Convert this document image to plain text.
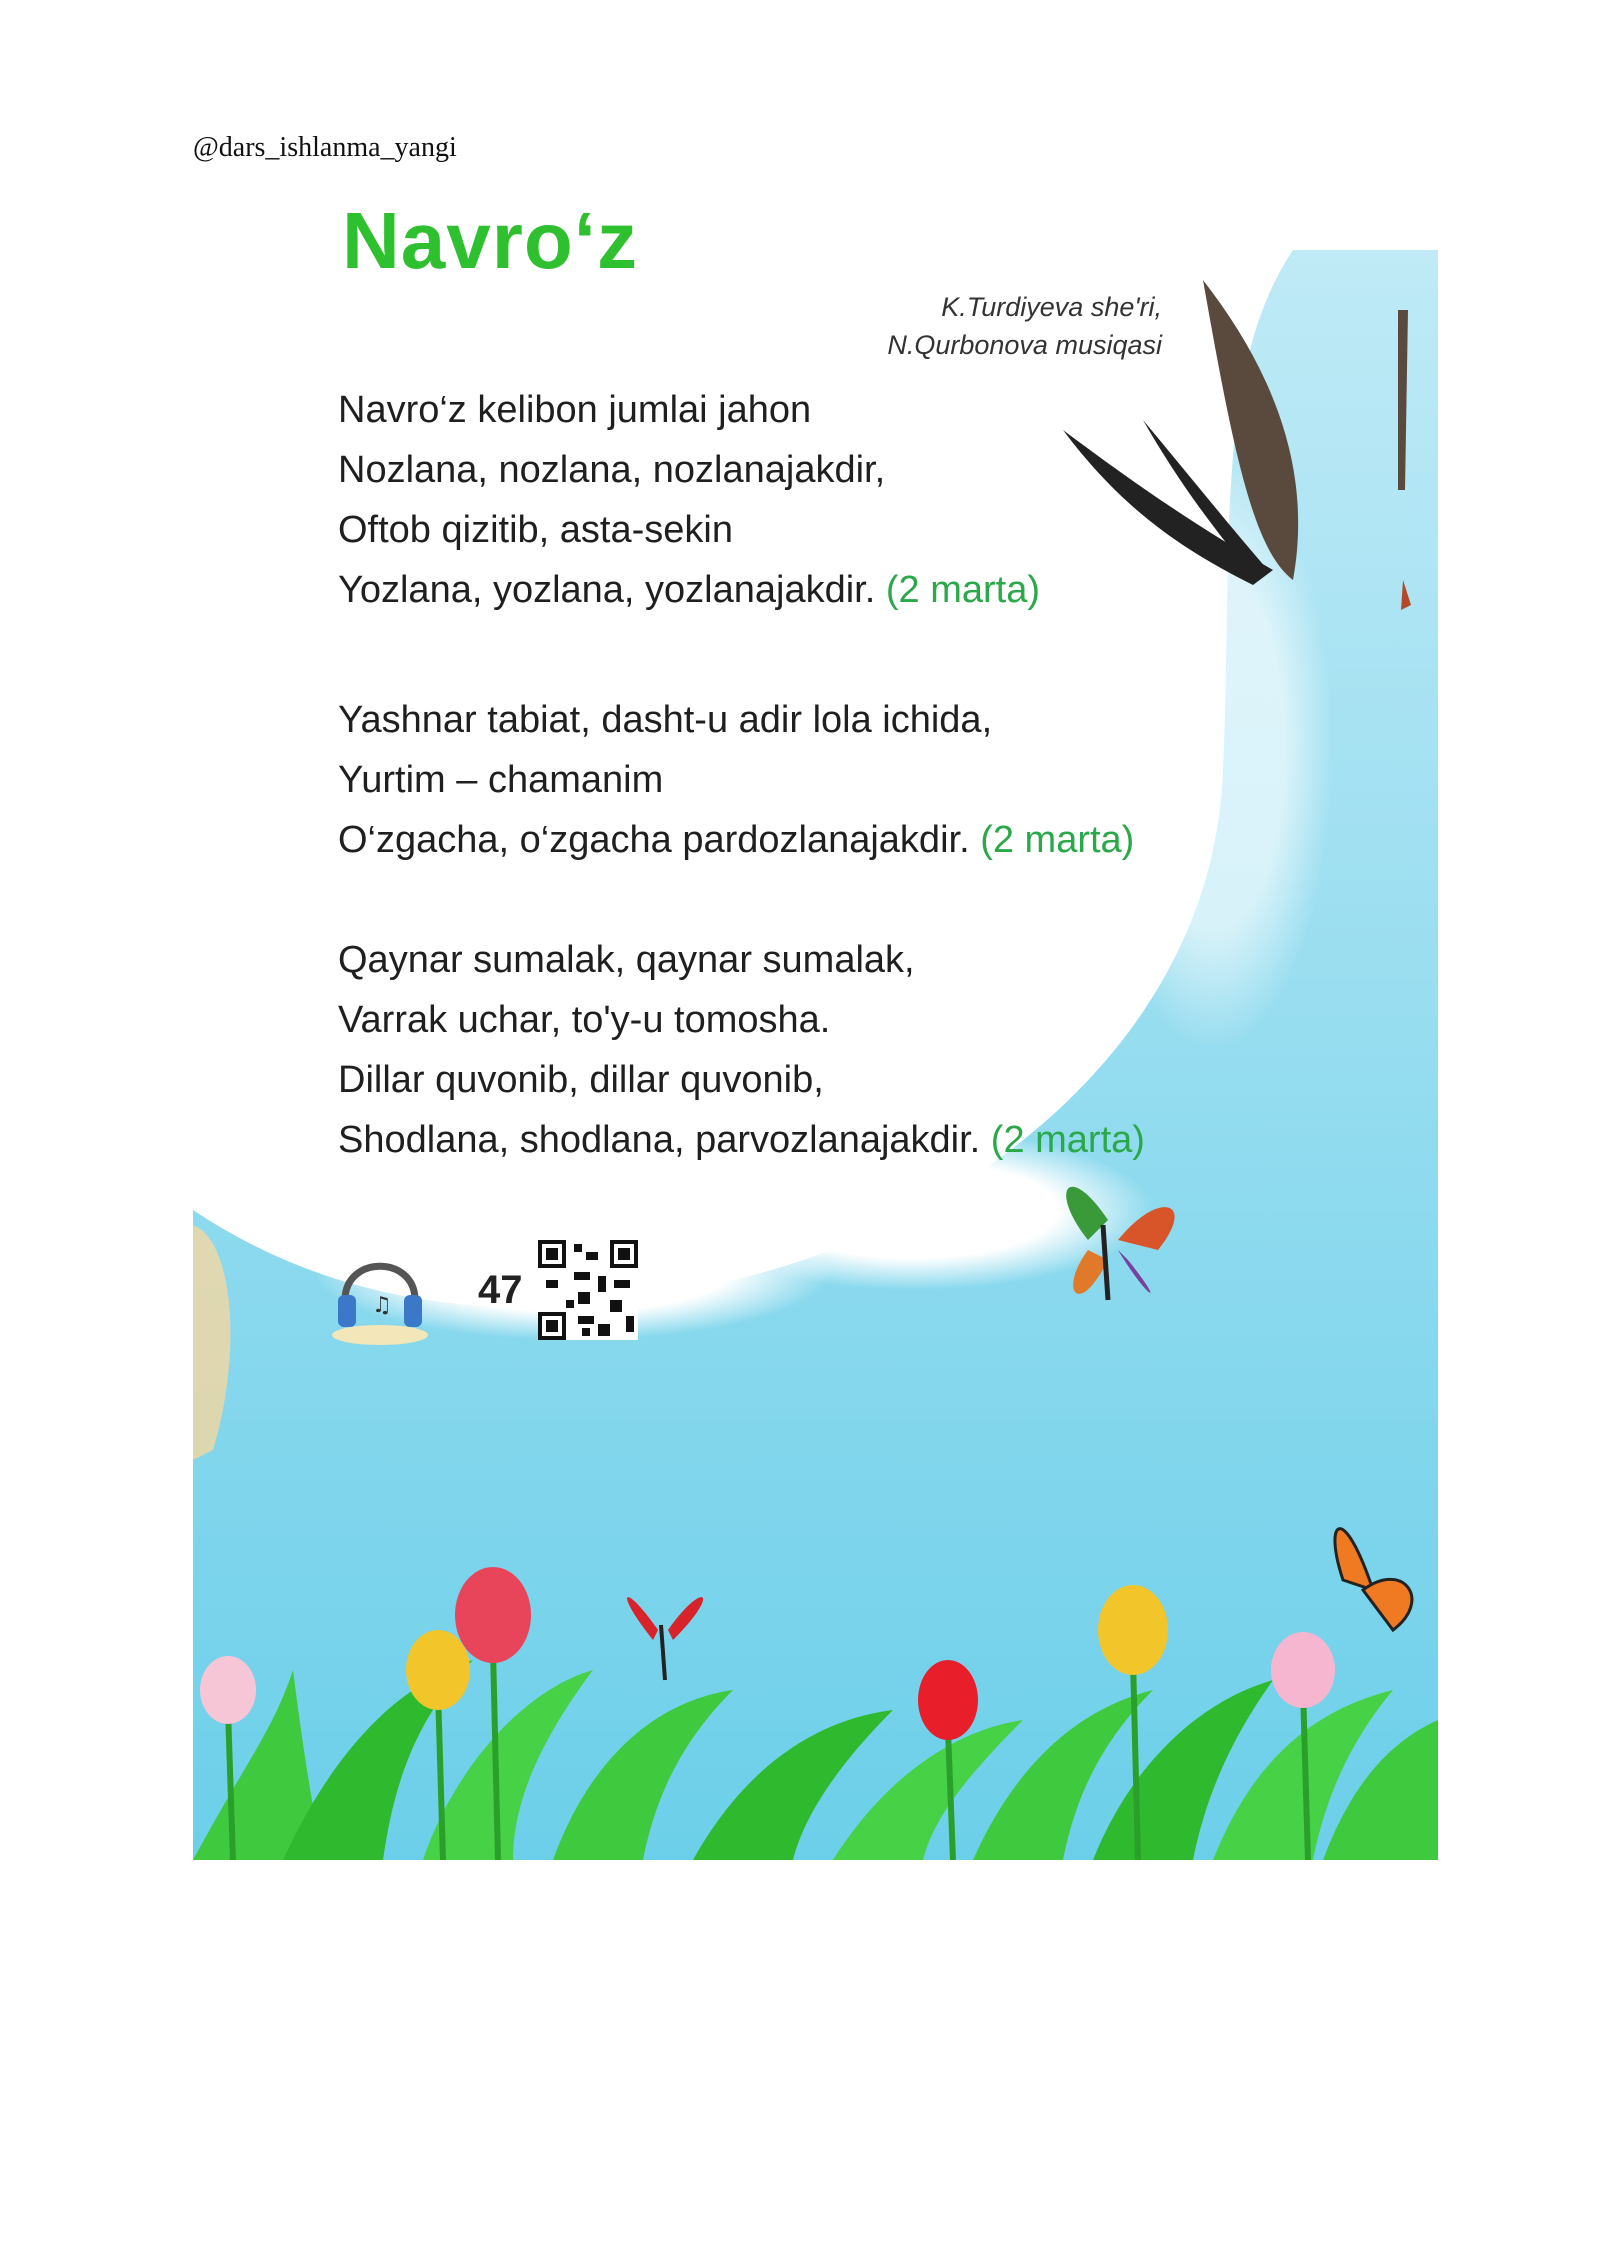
@dars_ishlanma_yangi
Navro‘z
K.Turdiyeva she'ri,
N.Qurbonova musiqasi
Navro‘z kelibon jumlai jahon
Nozlana, nozlana, nozlanajakdir,
Oftob qizitib, asta-sekin
Yozlana, yozlana, yozlanajakdir. (2 marta)
Yashnar tabiat, dasht-u adir lola ichida,
Yurtim – chamanim
O‘zgacha, o‘zgacha pardozlanajakdir. (2 marta)
Qaynar sumalak, qaynar sumalak,
Varrak uchar, to'y-u tomosha.
Dillar quvonib, dillar quvonib,
Shodlana, shodlana, parvozlanajakdir. (2 marta)
♫ 47
